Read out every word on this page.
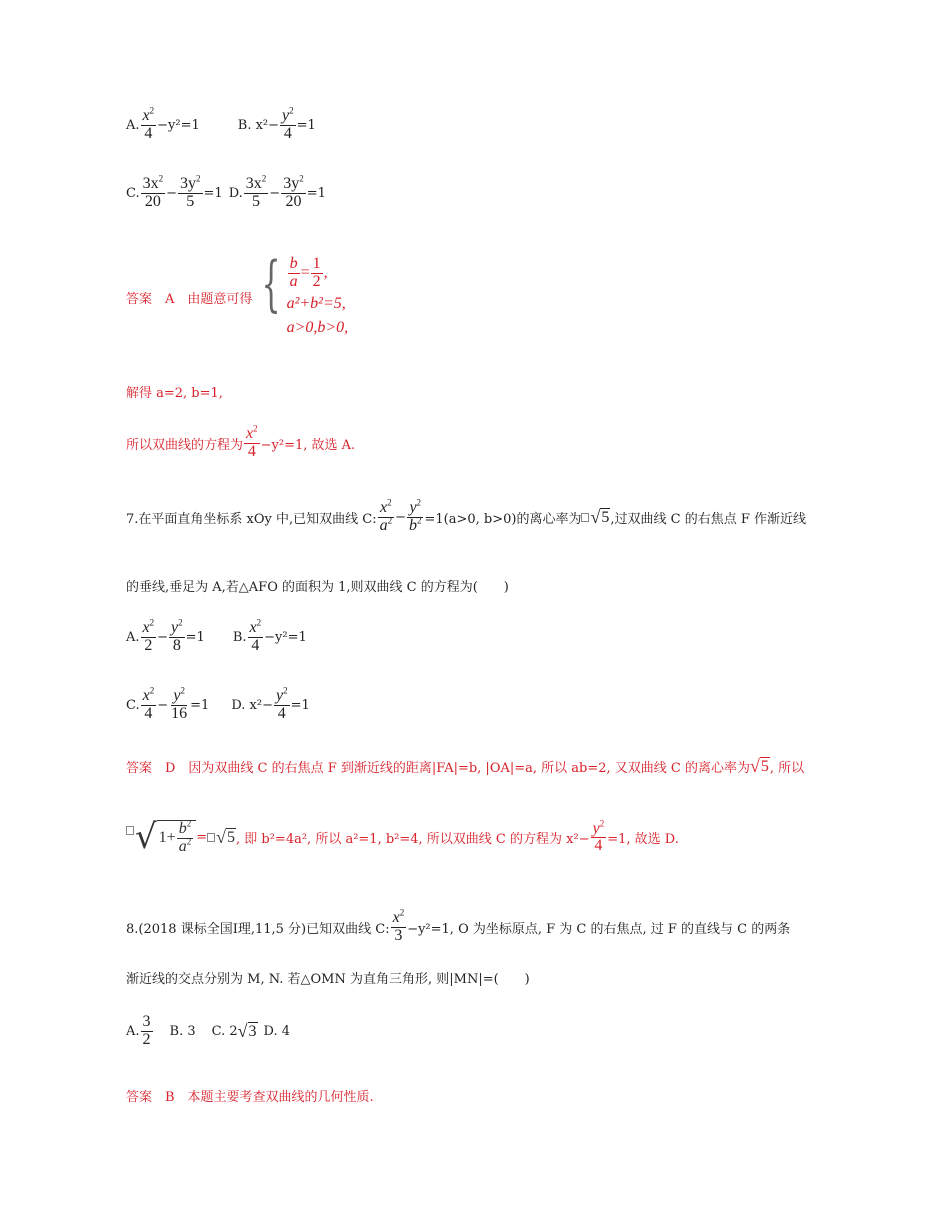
A. $\frac{x^2}{4} -y^2=1$	B.
$x^2- \frac{y^2}{4} =1$
C. $\frac{3x^2}{20} - \frac{3y^2}{5} =1$ D. $\frac{3x^2}{5} - \frac{3y^2}{20} =1$
答案　A　由题意可得 { $\frac{b}{a} = \frac{1}{2}$ ,
a²+b²=5,
a>0,b>0,
解得 a=2, b=1,
所以双曲线的方程为 $\frac{x^2}{4} -y^2=1$, 故选 A.
7.在平面直角坐标系 xOy 中,已知双曲线 C: $\frac{x^2}{a^2} - \frac{y^2}{b^2} =1(a>0$, b>0)的离心率为 √ 5 ,过双曲线 C 的右焦点 F 作渐近线
的垂线,垂足为 A,若△AFO 的面积为 1,则双曲线 C 的方程为(　　)
A. $\frac{x^2}{2} - \frac{y^2}{8} =1$ B. $\frac{x^2}{4} -y^2=1$
C. $\frac{x^2}{4} - \frac{y^2}{16} =1$ D.
$x^2- \frac{y^2}{4} =1$
答案　D　因为双曲线 C 的右焦点 F 到渐近线的距离|FA|=b, |OA|=a, 所以 ab=2, 又双曲线 C 的离心率为 √ 5 , 所以
√ $1+ \frac{b^2}{a^2}$ = √ 5 , 即 b²=4a², 所以 a²=1, b²=4, 所以双曲线 C 的方程为 $x^2- \frac{y^2}{4} =1$, 故选 D.
8.(2018 课标全国Ⅰ理,11,5 分)已知双曲线 C: $\frac{x^2}{3} -y^2=1$, O 为坐标原点, F 为 C 的右焦点, 过 F 的直线与 C 的两条
渐近线的交点分别为 M, N. 若△OMN 为直角三角形, 则|MN|=(　　)
A. $\frac{3}{2} B$. 3 C. 2 √ 3 D. 4
答案　B　本题主要考查双曲线的几何性质.
